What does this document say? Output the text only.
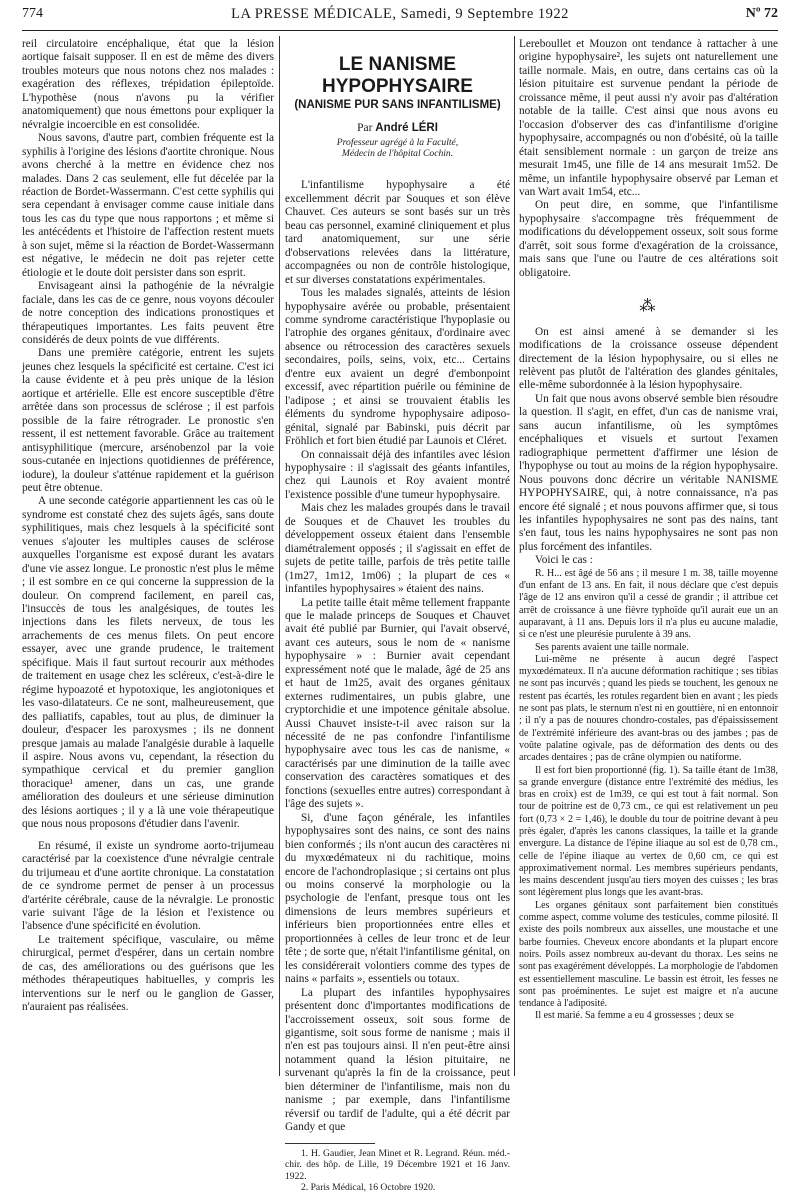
774	LA PRESSE MÉDICALE, Samedi, 9 Septembre 1922	Nº 72

reil circulatoire encéphalique, état que la lésion aortique faisait supposer. Il en est de même des divers troubles moteurs que nous notons chez nos malades : exagération des réflexes, trépidation épileptoïde. L'hypothèse (nous n'avons pu la vérifier anatomiquement) que nous émettons pour expliquer la névralgie incoercible en est consolidée.

Nous savons, d'autre part, combien fréquente est la syphilis à l'origine des lésions d'aortite chronique. Nous avons cherché à la mettre en évidence chez nos malades. Dans 2 cas seulement, elle fut décelée par la réaction de Bordet-Wassermann. C'est cette syphilis qui sera cependant à envisager comme cause initiale dans tous les cas du type que nous rapportons ; et même si les antécédents et l'histoire de l'affection restent muets à son sujet, même si la réaction de Bordet-Wassermann est négative, le médecin ne doit pas rejeter cette étiologie et le doute doit persister dans son esprit.

Envisageant ainsi la pathogénie de la névralgie faciale, dans les cas de ce genre, nous voyons découler de notre conception des indications pronostiques et thérapeutiques importantes. Les faits peuvent être considérés de deux points de vue différents.

Dans une première catégorie, entrent les sujets jeunes chez lesquels la spécificité est certaine. C'est ici la cause évidente et à peu près unique de la lésion aortique et artérielle. Elle est encore susceptible d'être arrêtée dans son processus de sclérose ; il est parfois possible de la faire rétrograder. Le pronostic s'en ressent, il est nettement favorable. Grâce au traitement antisyphilitique (mercure, arsénobenzol par la voie sous-cutanée en injections quotidiennes de préférence, iodure), la douleur s'atténue rapidement et la guérison peut être obtenue.

A une seconde catégorie appartiennent les cas où le syndrome est constaté chez des sujets âgés, sans doute syphilitiques, mais chez lesquels à la spécificité sont venues s'ajouter les multiples causes de sclérose auxquelles l'organisme est exposé durant les avatars d'une vie assez longue. Le pronostic n'est plus le même ; il est sombre en ce qui concerne la suppression de la douleur. On comprend facilement, en pareil cas, l'insuccès de tous les analgésiques, de toutes les injections dans les filets nerveux, de tous les arrachements de ces menus filets. On peut encore essayer, avec une grande prudence, le traitement spécifique. Mais il faut surtout recourir aux méthodes de traitement en usage chez les scléreux, c'est-à-dire le régime hypoazoté et hypotoxique, les angiotoniques et les vaso-dilatateurs. Ce ne sont, malheureusement, que des palliatifs, capables, tout au plus, de diminuer la douleur, d'espacer les paroxysmes ; ils ne donnent presque jamais au malade l'analgésie durable à laquelle il aspire. Nous avons vu, cependant, la résection du sympathique cervical et du premier ganglion thoracique¹ amener, dans un cas, une grande amélioration des douleurs et une sérieuse diminution des lésions aortiques ; il y a là une voie thérapeutique que nous nous proposons d'étudier dans l'avenir.

En résumé, il existe un syndrome aorto-trijumeau caractérisé par la coexistence d'une névralgie centrale du trijumeau et d'une aortite chronique. La constatation de ce syndrome permet de penser à un processus d'artérite cérébrale, cause de la névralgie. Le pronostic varie suivant l'âge de la lésion et l'existence ou l'absence d'une spécificité en évolution.

Le traitement spécifique, vasculaire, ou même chirurgical, permet d'espérer, dans un certain nombre de cas, des améliorations ou des guérisons que les méthodes thérapeutiques habituelles, y compris les interventions sur le nerf ou le ganglion de Gasser, n'auraient pas réalisées.

LE NANISME HYPOPHYSAIRE
(NANISME PUR SANS INFANTILISME)
Par André LÉRI
Professeur agrégé à la Faculté,
Médecin de l'hôpital Cochin.

L'infantilisme hypophysaire a été excellemment décrit par Souques et son élève Chauvet. Ces auteurs se sont basés sur un très beau cas personnel, examiné cliniquement et plus tard anatomiquement, sur une série d'observations relevées dans la littérature, accompagnées ou non de contrôle histologique, et sur diverses constatations expérimentales.

Tous les malades signalés, atteints de lésion hypophysaire avérée ou probable, présentaient comme syndrome caractéristique l'hypoplasie ou l'atrophie des organes génitaux, d'ordinaire avec absence ou rétrocession des caractères sexuels secondaires, poils, seins, voix, etc... Certains d'entre eux avaient un degré d'embonpoint excessif, avec répartition puérile ou féminine de l'adipose ; et ainsi se trouvaient établis les éléments du syndrome hypophysaire adiposo-génital, signalé par Babinski, puis décrit par Fröhlich et fort bien étudié par Launois et Cléret.

On connaissait déjà des infantiles avec lésion hypophysaire : il s'agissait des géants infantiles, chez qui Launois et Roy avaient montré l'existence possible d'une tumeur hypophysaire.

Mais chez les malades groupés dans le travail de Souques et de Chauvet les troubles du développement osseux étaient dans l'ensemble diamétralement opposés ; il s'agissait en effet de sujets de petite taille, parfois de très petite taille (1m27, 1m12, 1m06) ; la plupart de ces « infantiles hypophysaires » étaient des nains.

La petite taille était même tellement frappante que le malade princeps de Souques et Chauvet avait été publié par Burnier, qui l'avait observé, avant ces auteurs, sous le nom de « nanisme hypophysaire » : Burnier avait cependant expressément noté que le malade, âgé de 25 ans et haut de 1m25, avait des organes génitaux externes rudimentaires, un pubis glabre, une cryptorchidie et une impotence génitale absolue. Aussi Chauvet insiste-t-il avec raison sur la nécessité de ne pas confondre l'infantilisme hypophysaire avec tous les cas de nanisme, « caractérisés par une diminution de la taille avec conservation des caractères somatiques et des fonctions (sexuelles entre autres) correspondant à l'âge des sujets ».

Si, d'une façon générale, les infantiles hypophysaires sont des nains, ce sont des nains bien conformés ; ils n'ont aucun des caractères ni du myxœdémateux ni du rachitique, moins encore de l'achondroplasique ; si certains ont plus ou moins conservé la morphologie ou la psychologie de l'enfant, presque tous ont les dimensions de leurs membres supérieurs et inférieurs bien proportionnées entre elles et proportionnées à celles de leur tronc et de leur tête ; de sorte que, n'était l'infantilisme génital, on les considérerait volontiers comme des types de nains « parfaits », essentiels ou totaux.

La plupart des infantiles hypophysaires présentent donc d'importantes modifications de l'accroissement osseux, soit sous forme de gigantisme, soit sous forme de nanisme ; mais il n'en est pas toujours ainsi. Il n'en peut-être ainsi notamment quand la lésion pituitaire, ne survenant qu'après la fin de la croissance, peut bien déterminer de l'infantilisme, mais non du nanisme ; par exemple, dans l'infantilisme réversif ou tardif de l'adulte, qui a été décrit par Gandy et que

1. H. Gaudier, Jean Minet et R. Legrand. Réun. méd.-chir. des hôp. de Lille, 19 Décembre 1921 et 16 Janv. 1922.

2. Paris Médical, 16 Octobre 1920.

Lereboullet et Mouzon ont tendance à rattacher à une origine hypophysaire², les sujets ont naturellement une taille normale. Mais, en outre, dans certains cas où la lésion pituitaire est survenue pendant la période de croissance même, il peut aussi n'y avoir pas d'altération notable de la taille. C'est ainsi que nous avons eu l'occasion d'observer des cas d'infantilisme d'origine hypophysaire, accompagnés ou non d'obésité, où la taille était sensiblement normale : un garçon de treize ans mesurait 1m45, une fille de 14 ans mesurait 1m52. De même, un infantile hypophysaire observé par Leman et van Wart avait 1m54, etc...

On peut dire, en somme, que l'infantilisme hypophysaire s'accompagne très fréquemment de modifications du développement osseux, soit sous forme d'arrêt, soit sous forme d'exagération de la croissance, mais sans que l'une ou l'autre de ces altérations soit obligatoire.

⁂

On est ainsi amené à se demander si les modifications de la croissance osseuse dépendent directement de la lésion hypophysaire, ou si elles ne relèvent pas plutôt de l'altération des glandes génitales, elle-même subordonnée à la lésion hypophysaire.

Un fait que nous avons observé semble bien résoudre la question. Il s'agit, en effet, d'un cas de nanisme vrai, sans aucun infantilisme, où les symptômes encéphaliques et visuels et surtout l'examen radiographique permettent d'affirmer une lésion de l'hypophyse ou tout au moins de la région hypophysaire. Nous pouvons donc décrire un véritable NANISME HYPOPHYSAIRE, qui, à notre connaissance, n'a pas encore été signalé ; et nous pouvons affirmer que, si tous les infantiles hypophysaires ne sont pas des nains, tant s'en faut, tous les nains hypophysaires ne sont pas non plus forcément des infantiles.

Voici le cas :

R. H... est âgé de 56 ans ; il mesure 1 m. 38, taille moyenne d'un enfant de 13 ans. En fait, il nous déclare que c'est depuis l'âge de 12 ans environ qu'il a cessé de grandir ; il attribue cet arrêt de croissance à une fièvre typhoïde qu'il aurait eue un an auparavant, à 11 ans. Depuis lors il n'a plus eu aucune maladie, si ce n'est une pleurésie purulente à 39 ans.

Ses parents avaient une taille normale.

Lui-même ne présente à aucun degré l'aspect myxœdémateux. Il n'a aucune déformation rachitique ; ses tibias ne sont pas incurvés ; quand les pieds se touchent, les genoux ne restent pas écartés, les rotules regardent bien en avant ; les pieds ne sont pas plats, le sternum n'est ni en gouttière, ni en entonnoir ; il n'y a pas de nouures chondro-costales, pas d'épaississement de l'extrémité inférieure des avant-bras ou des jambes ; pas de voûte palatine ogivale, pas de déformation des dents ou des arcades dentaires ; pas de crâne olympien ou natiforme.

Il est fort bien proportionné (fig. 1). Sa taille étant de 1m38, sa grande envergure (distance entre l'extrémité des médius, les bras en croix) est de 1m39, ce qui est tout à fait normal. Son tour de poitrine est de 0,73 cm., ce qui est relativement un peu fort (0,73 × 2 = 1,46), le double du tour de poitrine devant à peu près égaler, d'après les canons classiques, la taille et la grande envergure. La distance de l'épine iliaque au sol est de 0,78 cm., celle de l'épine iliaque au vertex de 0,60 cm, ce qui est approximativement normal. Les membres supérieurs pendants, les mains descendent jusqu'au tiers moyen des cuisses ; les bras sont légèrement plus longs que les avant-bras.

Les organes génitaux sont parfaitement bien constitués comme aspect, comme volume des testicules, comme pilosité. Il existe des poils nombreux aux aisselles, une moustache et une barbe fournies. Cheveux encore abondants et la plupart encore noirs. Poils assez nombreux au-devant du thorax. Les seins ne sont pas exagérément développés. La morphologie de l'abdomen est essentiellement masculine. Le bassin est étroit, les fesses ne sont pas proéminentes. Le sujet est maigre et n'a aucune tendance à l'adiposité.

Il est marié. Sa femme a eu 4 grossesses ; deux se
